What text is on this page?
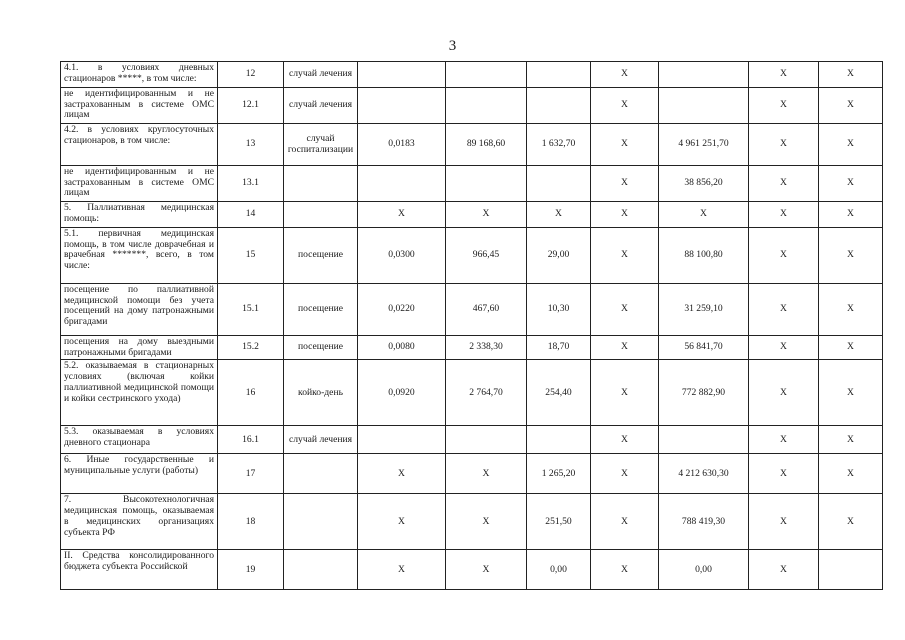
3
4.1. в условиях дневных стационаров *****, в том числе:	12	случай лечения				X		X	X
не идентифицированным и не застрахованным в системе ОМС лицам	12.1	случай лечения				X		X	X
4.2. в условиях круглосуточных стационаров, в том числе:	13	случай госпитализации	0,0183	89 168,60	1 632,70	X	4 961 251,70	X	X
не идентифицированным и не застрахованным в системе ОМС лицам	13.1					X	38 856,20	X	X
5. Паллиативная медицинская помощь:	14		X	X	X	X	X	X	X
5.1. первичная медицинская помощь, в том числе доврачебная и врачебная *******, всего, в том числе:	15	посещение	0,0300	966,45	29,00	X	88 100,80	X	X
посещение по паллиативной медицинской помощи без учета посещений на дому патронажными бригадами	15.1	посещение	0,0220	467,60	10,30	X	31 259,10	X	X
посещения на дому выездными патронажными бригадами	15.2	посещение	0,0080	2 338,30	18,70	X	56 841,70	X	X
5.2. оказываемая в стационарных условиях (включая койки паллиативной медицинской помощи и койки сестринского ухода)	16	койко-день	0,0920	2 764,70	254,40	X	772 882,90	X	X
5.3. оказываемая в условиях дневного стационара	16.1	случай лечения				X		X	X
6. Иные государственные и муниципальные услуги (работы)	17		X	X	1 265,20	X	4 212 630,30	X	X
7. Высокотехнологичная медицинская помощь, оказываемая в медицинских организациях субъекта РФ	18		X	X	251,50	X	788 419,30	X	X
II. Средства консолидированного бюджета субъекта Российской	19		X	X	0,00	X	0,00	X	
